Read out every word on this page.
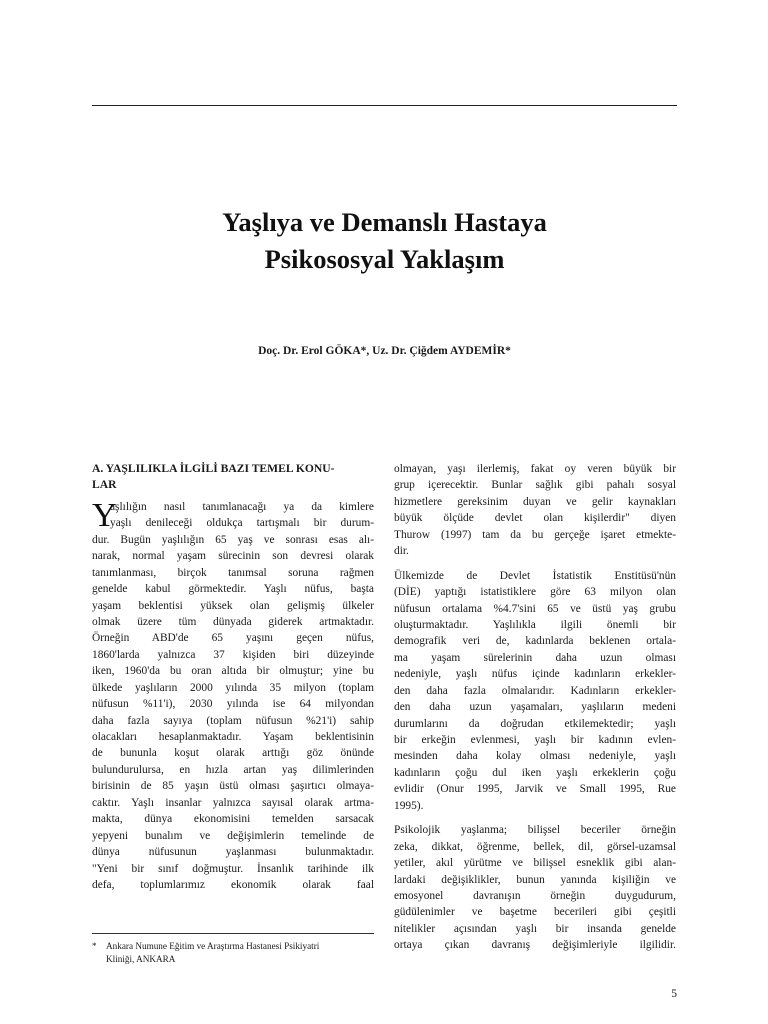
Yaşlıya ve Demanslı Hastaya
Psikososyal Yaklaşım
Doç. Dr. Erol GÖKA*, Uz. Dr. Çiğdem AYDEMİR*
A. YAŞLILIKLA İLGİLİ BAZI TEMEL KONU-
LAR
Y
aşlılığın nasıl tanımlanacağı ya da kimlere
yaşlı denileceği oldukça tartışmalı bir durum-
dur. Bugün yaşlılığın 65 yaş ve sonrası esas alı-
narak, normal yaşam sürecinin son devresi olarak
tanımlanması, birçok tanımsal soruna rağmen
genelde kabul görmektedir. Yaşlı nüfus, başta
yaşam beklentisi yüksek olan gelişmiş ülkeler
olmak üzere tüm dünyada giderek artmaktadır.
Örneğin ABD'de 65 yaşını geçen nüfus,
1860'larda yalnızca 37 kişiden biri düzeyinde
iken, 1960'da bu oran altıda bir olmuştur; yine bu
ülkede yaşlıların 2000 yılında 35 milyon (toplam
nüfusun %11'i), 2030 yılında ise 64 milyondan
daha fazla sayıya (toplam nüfusun %21'i) sahip
olacakları hesaplanmaktadır. Yaşam beklentisinin
de bununla koşut olarak arttığı göz önünde
bulundurulursa, en hızla artan yaş dilimlerinden
birisinin de 85 yaşın üstü olması şaşırtıcı olmaya-
caktır. Yaşlı insanlar yalnızca sayısal olarak artma-
makta, dünya ekonomisini temelden sarsacak
yepyeni bunalım ve değişimlerin temelinde de
dünya nüfusunun yaşlanması bulunmaktadır.
"Yeni bir sınıf doğmuştur. İnsanlık tarihinde ilk
defa, toplumlarımız ekonomik olarak faal
olmayan, yaşı ilerlemiş, fakat oy veren büyük bir
grup içerecektir. Bunlar sağlık gibi pahalı sosyal
hizmetlere gereksinim duyan ve gelir kaynakları
büyük ölçüde devlet olan kişilerdir" diyen
Thurow (1997) tam da bu gerçeğe işaret etmekte-
dir.
Ülkemizde de Devlet İstatistik Enstitüsü'nün
(DİE) yaptığı istatistiklere göre 63 milyon olan
nüfusun ortalama %4.7'sini 65 ve üstü yaş grubu
oluşturmaktadır. Yaşlılıkla ilgili önemli bir
demografik veri de, kadınlarda beklenen ortala-
ma yaşam sürelerinin daha uzun olması
nedeniyle, yaşlı nüfus içinde kadınların erkekler-
den daha fazla olmalarıdır. Kadınların erkekler-
den daha uzun yaşamaları, yaşlıların medeni
durumlarını da doğrudan etkilemektedir; yaşlı
bir erkeğin evlenmesi, yaşlı bir kadının evlen-
mesinden daha kolay olması nedeniyle, yaşlı
kadınların çoğu dul iken yaşlı erkeklerin çoğu
evlidir (Onur 1995, Jarvik ve Small 1995, Rue
1995).
Psikolojik yaşlanma; bilişsel beceriler örneğin
zeka, dikkat, öğrenme, bellek, dil, görsel-uzamsal
yetiler, akıl yürütme ve bilişsel esneklik gibi alan-
lardaki değişiklikler, bunun yanında kişiliğin ve
emosyonel davranışın örneğin duygudurum,
güdülenimler ve başetme becerileri gibi çeşitli
nitelikler açısından yaşlı bir insanda genelde
ortaya çıkan davranış değişimleriyle ilgilidir.
* Ankara Numune Eğitim ve Araştırma Hastanesi Psikiyatri
Kliniği, ANKARA
5
